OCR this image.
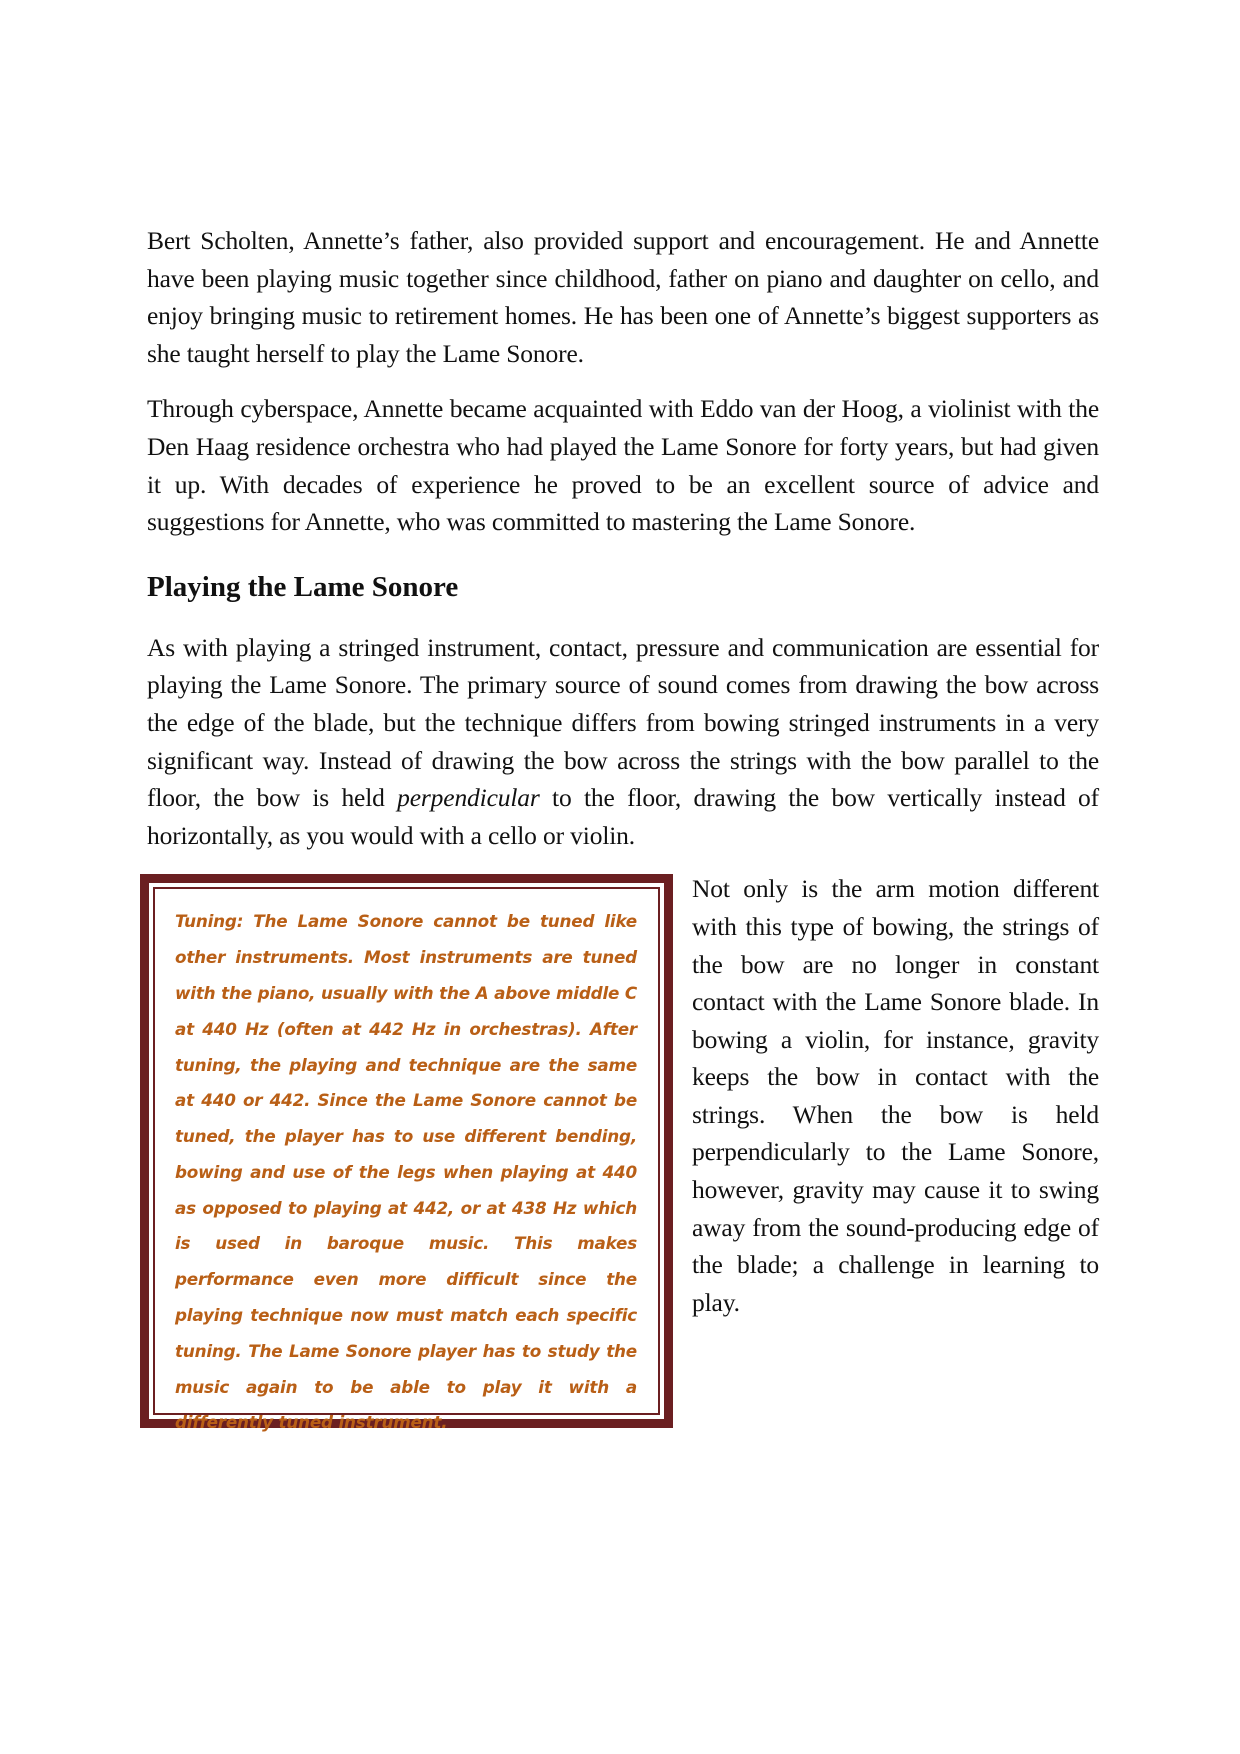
Bert Scholten, Annette’s father, also provided support and encouragement. He and Annette have been playing music together since childhood, father on piano and daughter on cello, and enjoy bringing music to retirement homes. He has been one of Annette’s biggest supporters as she taught herself to play the Lame Sonore.

Through cyberspace, Annette became acquainted with Eddo van der Hoog, a violinist with the Den Haag residence orchestra who had played the Lame Sonore for forty years, but had given it up. With decades of experience he proved to be an excellent source of advice and suggestions for Annette, who was committed to mastering the Lame Sonore.

Playing the Lame Sonore

As with playing a stringed instrument, contact, pressure and communication are essential for playing the Lame Sonore. The primary source of sound comes from drawing the bow across the edge of the blade, but the technique differs from bowing stringed instruments in a very significant way. Instead of drawing the bow across the strings with the bow parallel to the floor, the bow is held perpendicular to the floor, drawing the bow vertically instead of horizontally, as you would with a cello or violin.

Tuning: The Lame Sonore cannot be tuned like other instruments. Most instruments are tuned with the piano, usually with the A above middle C at 440 Hz (often at 442 Hz in orchestras). After tuning, the playing and technique are the same at 440 or 442. Since the Lame Sonore cannot be tuned, the player has to use different bending, bowing and use of the legs when playing at 440 as opposed to playing at 442, or at 438 Hz which is used in baroque music. This makes performance even more difficult since the playing technique now must match each specific tuning. The Lame Sonore player has to study the music again to be able to play it with a differently tuned instrument.

Not only is the arm motion different with this type of bowing, the strings of the bow are no longer in constant contact with the Lame Sonore blade. In bowing a violin, for instance, gravity keeps the bow in contact with the strings. When the bow is held perpendicularly to the Lame Sonore, however, gravity may cause it to swing away from the sound-producing edge of the blade; a challenge in learning to play.
